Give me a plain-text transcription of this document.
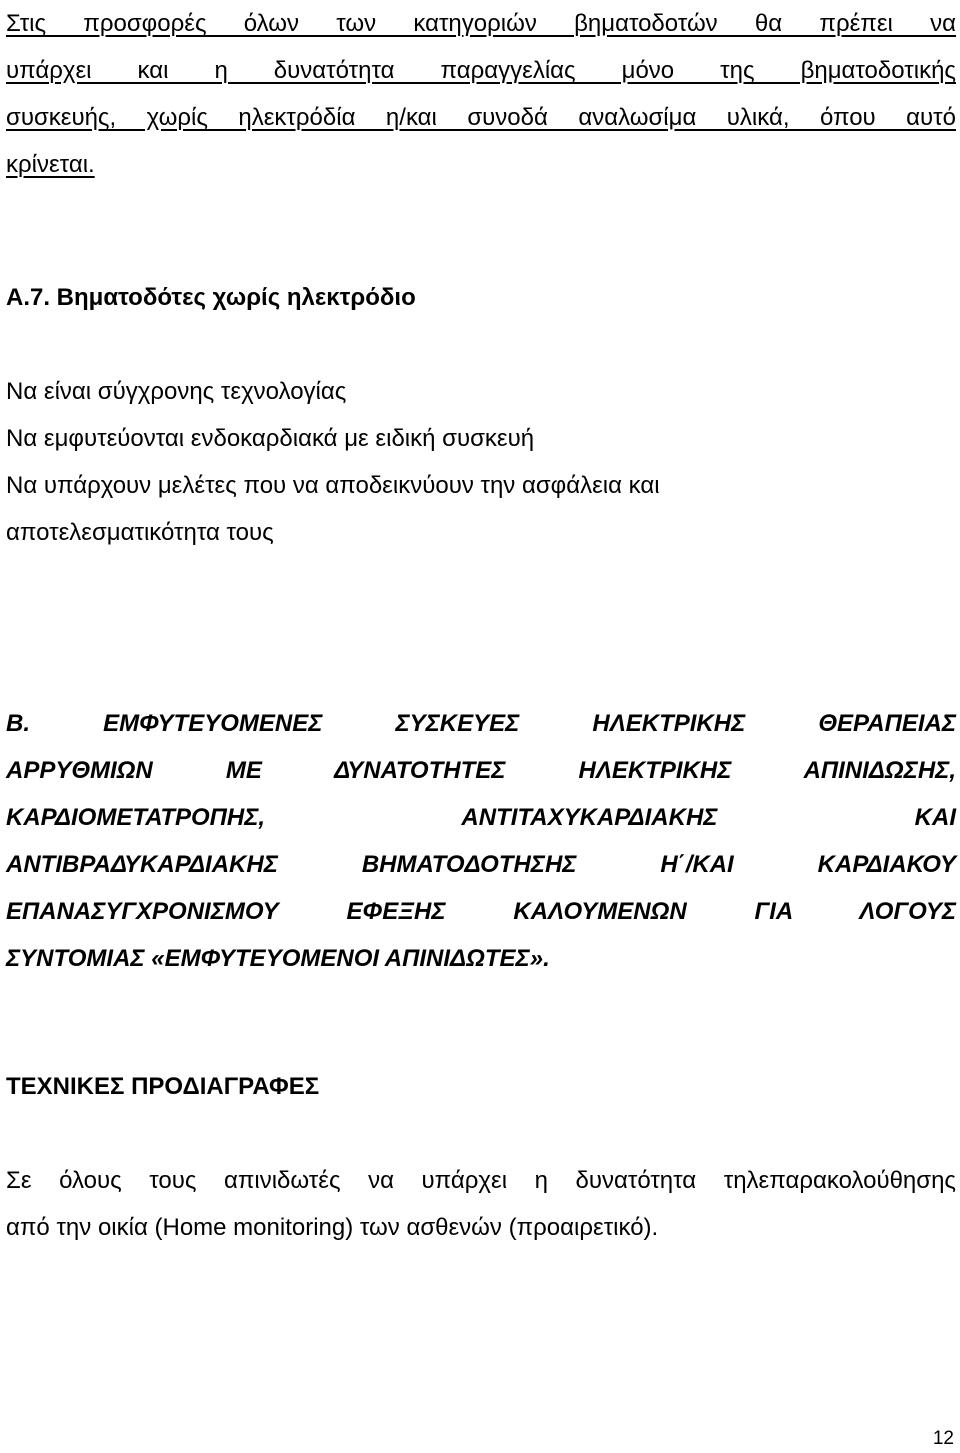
Στις προσφορές όλων των κατηγοριών βηματοδοτών θα πρέπει να
υπάρχει και η δυνατότητα παραγγελίας μόνο της βηματοδοτικής
συσκευής, χωρίς ηλεκτρόδία η/και συνοδά αναλωσίμα υλικά, όπου αυτό
κρίνεται.
Α.7. Βηματοδότες χωρίς ηλεκτρόδιο
Να είναι σύγχρονης τεχνολογίας
Να εμφυτεύονται ενδοκαρδιακά με ειδική συσκευή
Να υπάρχουν μελέτες που να αποδεικνύουν την ασφάλεια και
αποτελεσματικότητα τους
Β. ΕΜΦΥΤΕΥΟΜΕΝΕΣ ΣΥΣΚΕΥΕΣ ΗΛΕΚΤΡΙΚΗΣ ΘΕΡΑΠΕΙΑΣ
ΑΡΡΥΘΜΙΩΝ ΜΕ ΔΥΝΑΤΟΤΗΤΕΣ ΗΛΕΚΤΡΙΚΗΣ ΑΠΙΝΙΔΩΣΗΣ,
ΚΑΡΔΙΟΜΕΤΑΤΡΟΠΗΣ, ΑΝΤΙΤΑΧΥΚΑΡΔΙΑΚΗΣ ΚΑΙ
ΑΝΤΙΒΡΑΔΥΚΑΡΔΙΑΚΗΣ ΒΗΜΑΤΟΔΟΤΗΣΗΣ Η΄/ΚΑΙ ΚΑΡΔΙΑΚΟΥ
ΕΠΑΝΑΣΥΓΧΡΟΝΙΣΜΟΥ ΕΦΕΞΗΣ ΚΑΛΟΥΜΕΝΩΝ ΓΙΑ ΛΟΓΟΥΣ
ΣΥΝΤΟΜΙΑΣ «ΕΜΦΥΤΕΥΟΜΕΝΟΙ ΑΠΙΝΙΔΩΤΕΣ».
ΤΕΧΝΙΚΕΣ ΠΡΟΔΙΑΓΡΑΦΕΣ
Σε όλους τους απινιδωτές να υπάρχει η δυνατότητα τηλεπαρακολούθησης
από την οικία (Home monitoring) των ασθενών (προαιρετικό).
12
